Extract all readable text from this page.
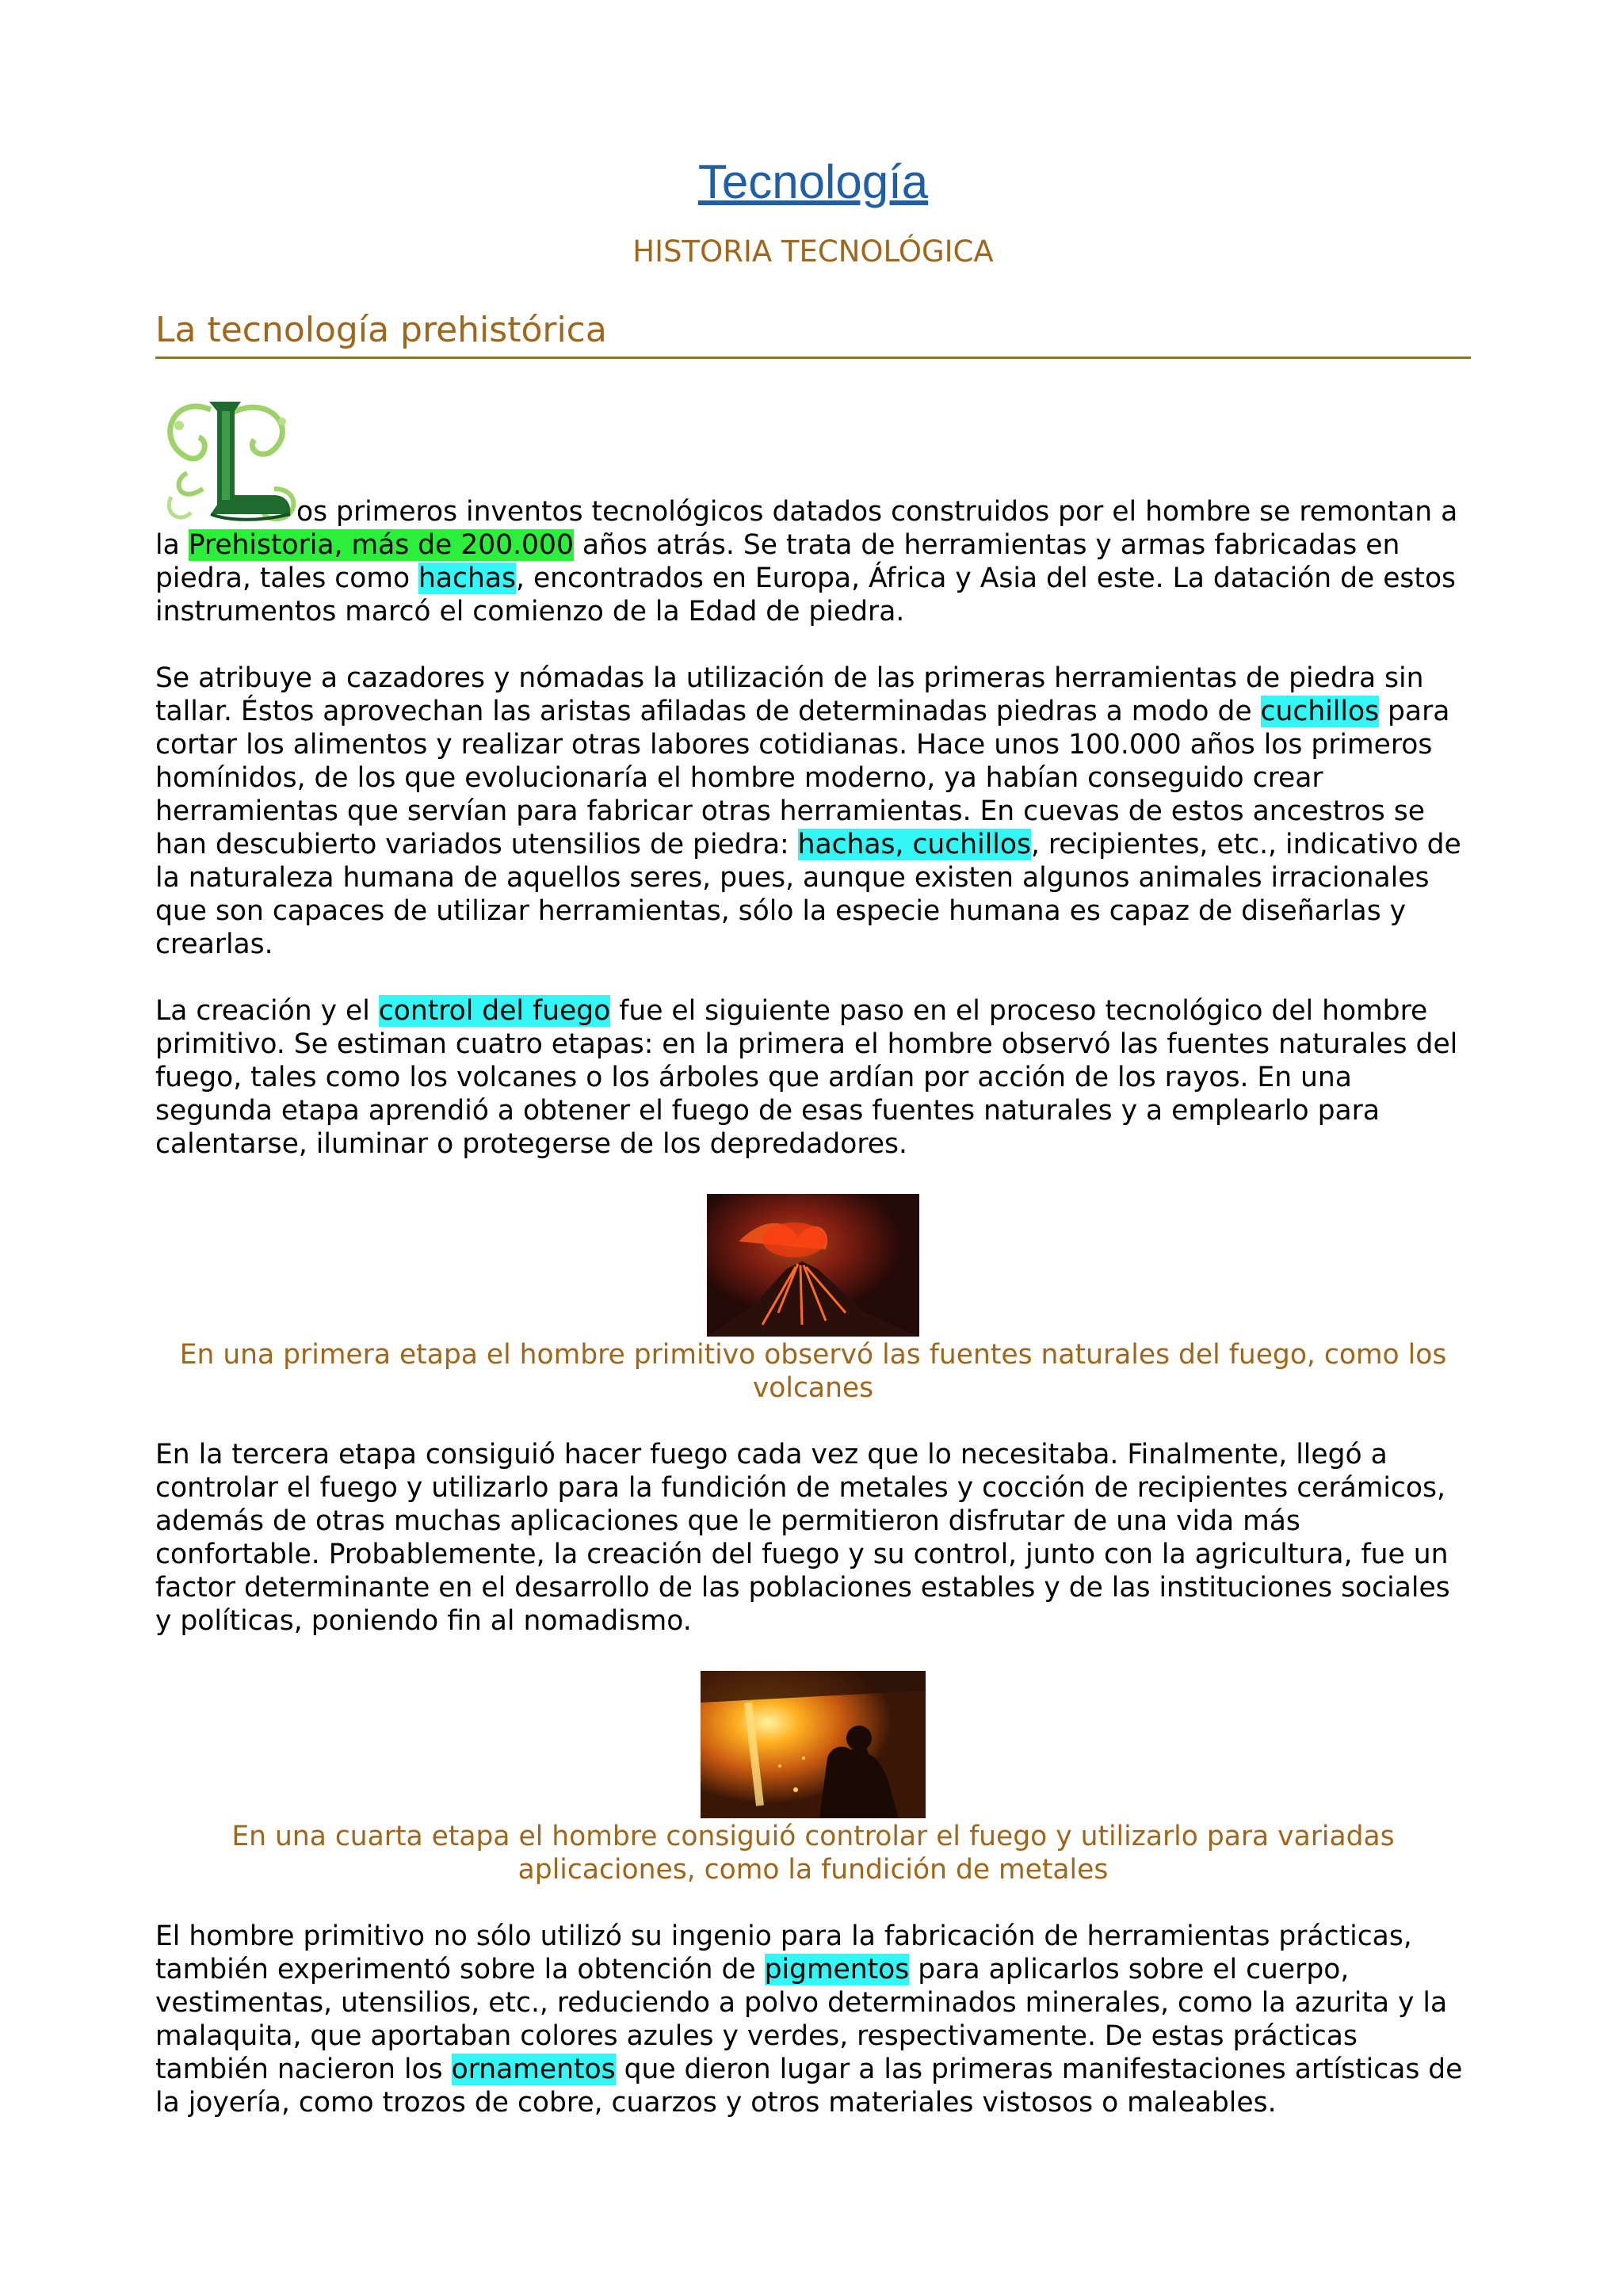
Tecnología
HISTORIA TECNOLÓGICA
La tecnología prehistórica

os primeros inventos tecnológicos datados construidos por el hombre se remontan a

la Prehistoria, más de 200.000 años atrás. Se trata de herramientas y armas fabricadas en piedra, tales como hachas, encontrados en Europa, África y Asia del este. La datación de estos instrumentos marcó el comienzo de la Edad de piedra.

Se atribuye a cazadores y nómadas la utilización de las primeras herramientas de piedra sin tallar. Éstos aprovechan las aristas afiladas de determinadas piedras a modo de cuchillos para cortar los alimentos y realizar otras labores cotidianas. Hace unos 100.000 años los primeros homínidos, de los que evolucionaría el hombre moderno, ya habían conseguido crear herramientas que servían para fabricar otras herramientas. En cuevas de estos ancestros se han descubierto variados utensilios de piedra: hachas, cuchillos, recipientes, etc., indicativo de la naturaleza humana de aquellos seres, pues, aunque existen algunos animales irracionales que son capaces de utilizar herramientas, sólo la especie humana es capaz de diseñarlas y crearlas.

La creación y el control del fuego fue el siguiente paso en el proceso tecnológico del hombre primitivo. Se estiman cuatro etapas: en la primera el hombre observó las fuentes naturales del fuego, tales como los volcanes o los árboles que ardían por acción de los rayos. En una segunda etapa aprendió a obtener el fuego de esas fuentes naturales y a emplearlo para calentarse, iluminar o protegerse de los depredadores.

En una primera etapa el hombre primitivo observó las fuentes naturales del fuego, como los volcanes

En la tercera etapa consiguió hacer fuego cada vez que lo necesitaba. Finalmente, llegó a controlar el fuego y utilizarlo para la fundición de metales y cocción de recipientes cerámicos, además de otras muchas aplicaciones que le permitieron disfrutar de una vida más confortable. Probablemente, la creación del fuego y su control, junto con la agricultura, fue un factor determinante en el desarrollo de las poblaciones estables y de las instituciones sociales y políticas, poniendo fin al nomadismo.

En una cuarta etapa el hombre consiguió controlar el fuego y utilizarlo para variadas aplicaciones, como la fundición de metales

El hombre primitivo no sólo utilizó su ingenio para la fabricación de herramientas prácticas, también experimentó sobre la obtención de pigmentos para aplicarlos sobre el cuerpo, vestimentas, utensilios, etc., reduciendo a polvo determinados minerales, como la azurita y la malaquita, que aportaban colores azules y verdes, respectivamente. De estas prácticas también nacieron los ornamentos que dieron lugar a las primeras manifestaciones artísticas de la joyería, como trozos de cobre, cuarzos y otros materiales vistosos o maleables.
